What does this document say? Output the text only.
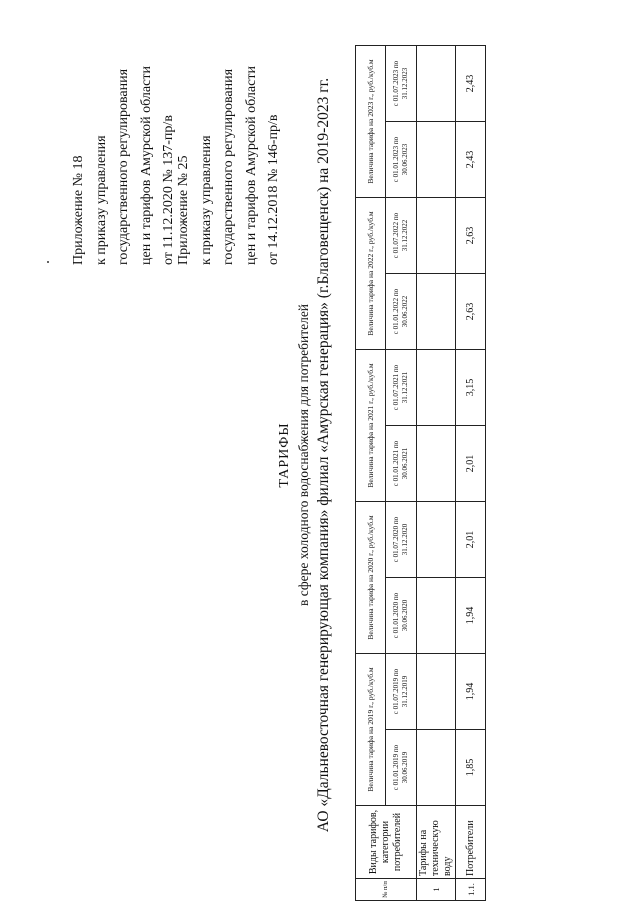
Приложение № 18 к приказу управления государственного регулирования цен и тарифов Амурской области от 11.12.2020 № 137-пр/в Приложение № 25 к приказу управления государственного регулирования цен и тарифов Амурской области от 14.12.2018 № 146-пр/в
ТАРИФЫ в сфере холодного водоснабжения для потребителей АО «Дальневосточная генерирующая компания» филиал «Амурская генерация» (г.Благовещенск) на 2019-2023 гг.
№ п/п	Виды тарифов, категории потребителей	Величина тарифа на 2019 г., руб./куб.м		Величина тарифа на 2020 г., руб./куб.м		Величина тарифа на 2021 г., руб./куб.м		Величина тарифа на 2022 г., руб./куб.м		Величина тарифа на 2023 г., руб./куб.м	
		с 01.01.2019 по 30.06.2019	с 01.07.2019 по 31.12.2019	с 01.01.2020 по 30.06.2020	с 01.07.2020 по 31.12.2020	с 01.01.2021 по 30.06.2021	с 01.07.2021 по 31.12.2021	с 01.01.2022 по 30.06.2022	с 01.07.2022 по 31.12.2022	с 01.01.2023 по 30.06.2023	с 01.07.2023 по 31.12.2023
1	Тарифы на техническую воду										
1.1.	Потребители	1,85	1,94	1,94	2,01	2,01	3,15	2,63	2,63	2,43	2,43
